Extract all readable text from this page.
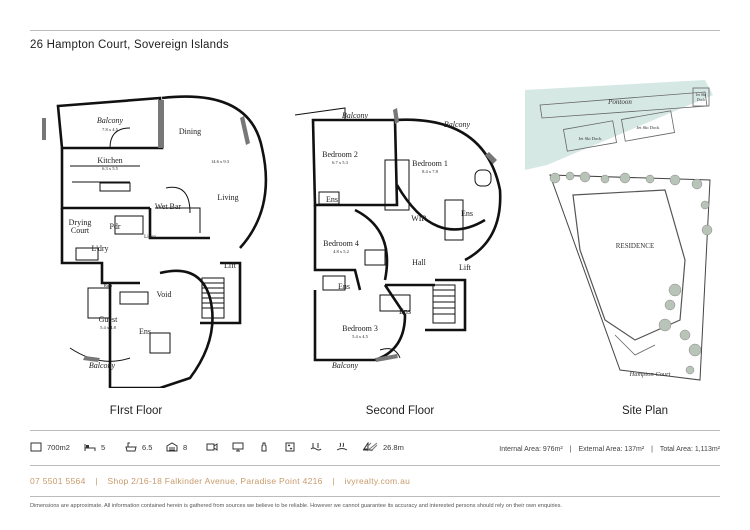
26 Hampton Court, Sovereign Islands
Balcony
7.8 x 4.5	Dining
Kitchen
6.3 x 5.5
14.6 x 9.3
Living
Wet Bar
Drying
Court	Pdr
L'dry
Linen
Lift
Void
Bath
Guest
5.4 x 4.8	Ens
Balcony
Balcony
Balcony
Bedroom 2
6.7 x 5.3	Bedroom 1
8.4 x 7.8
Ens
WIR
Ens
Bedroom 4
4.8 x 5.2
Hall
Lift
Ens
Ens
Bedroom 3
5.4 x 4.5
Balcony
Pontoon
Jet Ski Dock
Jet Ski Dock
Jet Ski
Dock
RESIDENCE
Hampton Court
FIrst Floor	Second Floor	Site Plan
700m2	5	6.5	8	26.8m	Internal Area: 976m² | External Area: 137m² | Total Area: 1,113m²
07 5501 5564 | Shop 2/16-18 Falkinder Avenue, Paradise Point 4216 | ivyrealty.com.au
Dimensions are approximate. All information contained herein is gathered from sources we believe to be reliable. However we cannot guarantee its accuracy and interested persons should rely on their own enquiries.
